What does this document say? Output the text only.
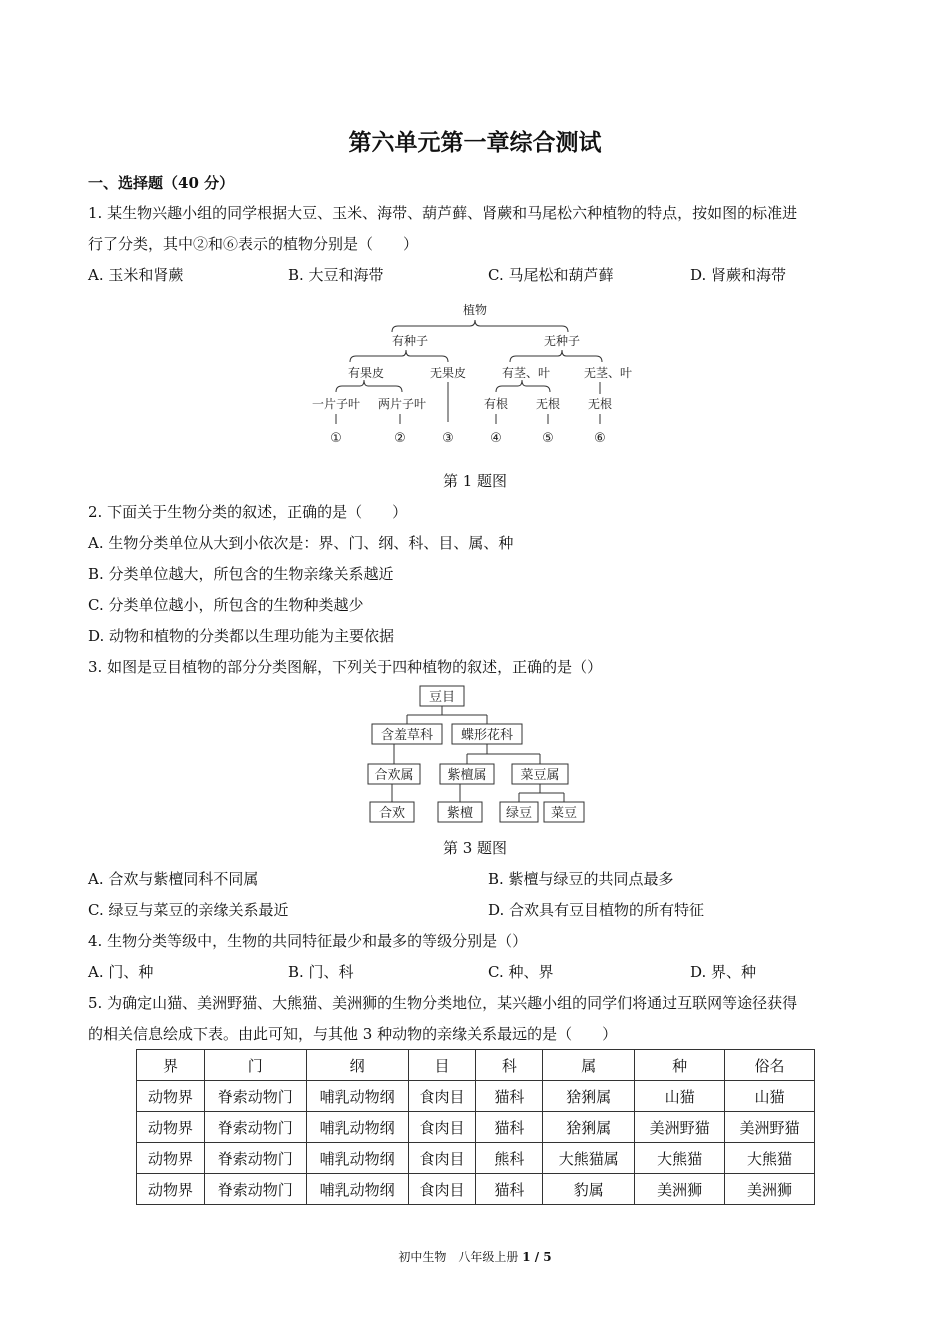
第六单元第一章综合测试
一、选择题（40 分）
1. 某生物兴趣小组的同学根据大豆、玉米、海带、葫芦藓、肾蕨和马尾松六种植物的特点，按如图的标准进
行了分类，其中②和⑥表示的植物分别是（　　）
A. 玉米和肾蕨	B. 大豆和海带	C. 马尾松和葫芦藓	D. 肾蕨和海带
植物
有种子	无种子
有果皮	无果皮	有茎、叶	无茎、叶
一片子叶 两片子叶	有根 无根 无根
①	②	③	④	⑤	⑥
第 1 题图
2. 下面关于生物分类的叙述，正确的是（　　）
A. 生物分类单位从大到小依次是：界、门、纲、科、目、属、种
B. 分类单位越大，所包含的生物亲缘关系越近
C. 分类单位越小，所包含的生物种类越少
D. 动物和植物的分类都以生理功能为主要依据
3. 如图是豆目植物的部分分类图解，下列关于四种植物的叙述，正确的是（）
豆目
含羞草科 蝶形花科
合欢属	紫檀属	菜豆属
合欢	紫檀	绿豆 菜豆
第 3 题图
A. 合欢与紫檀同科不同属	B. 紫檀与绿豆的共同点最多
C. 绿豆与菜豆的亲缘关系最近	D. 合欢具有豆目植物的所有特征
4. 生物分类等级中，生物的共同特征最少和最多的等级分别是（）
A. 门、种	B. 门、科	C. 种、界	D. 界、种
5. 为确定山猫、美洲野猫、大熊猫、美洲狮的生物分类地位，某兴趣小组的同学们将通过互联网等途径获得
的相关信息绘成下表。由此可知，与其他 3 种动物的亲缘关系最远的是（　　）
界	门	纲	目	科	属	种	俗名
动物界	脊索动物门	哺乳动物纲	食肉目	猫科	猞猁属	山猫	山猫
动物界	脊索动物门	哺乳动物纲	食肉目	猫科	猞猁属	美洲野猫	美洲野猫
动物界	脊索动物门	哺乳动物纲	食肉目	熊科	大熊猫属	大熊猫	大熊猫
动物界	脊索动物门	哺乳动物纲	食肉目	猫科	豹属	美洲狮	美洲狮
初中生物　八年级上册 1 / 5
